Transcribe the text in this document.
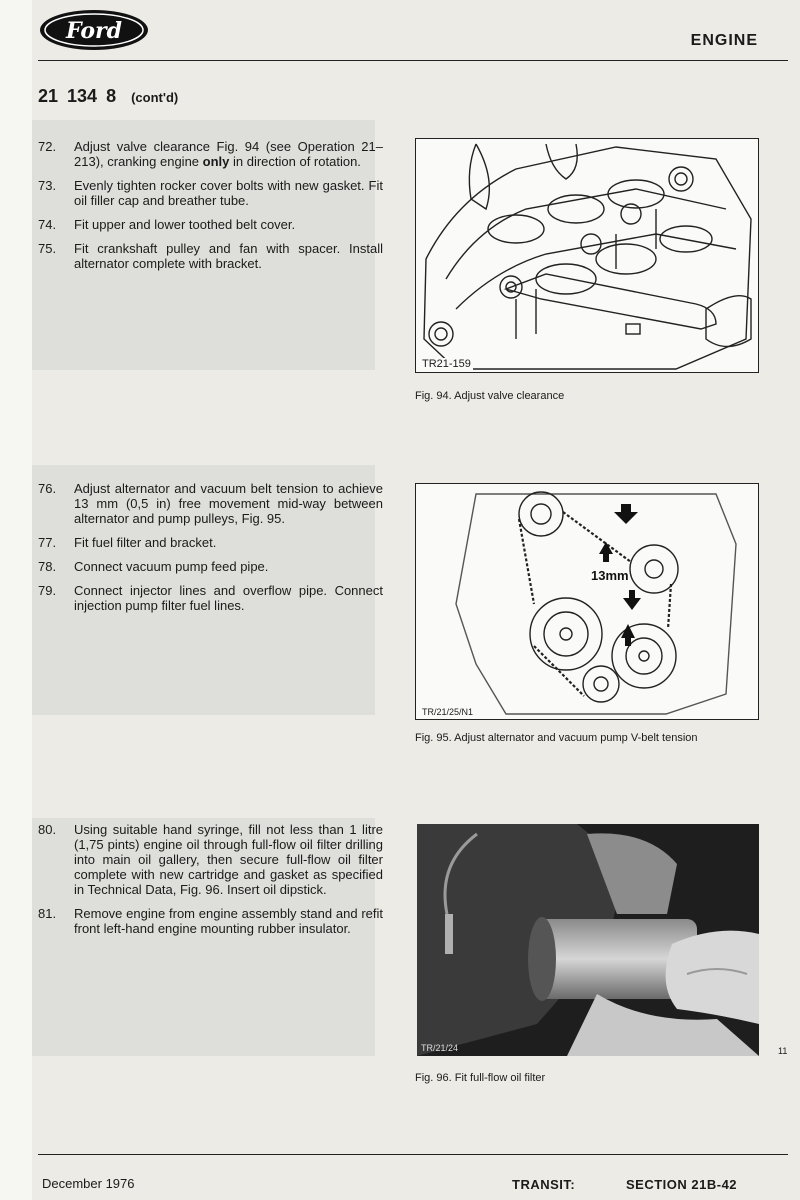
Ford	ENGINE
21 134 8 (cont'd)
72.	Adjust valve clearance Fig. 94 (see Operation 21–213), cranking engine only in direction of rotation.
73.	Evenly tighten rocker cover bolts with new gasket. Fit oil filler cap and breather tube.
74.	Fit upper and lower toothed belt cover.
75.	Fit crankshaft pulley and fan with spacer. Install alternator complete with bracket.
TR21-159
Fig. 94. Adjust valve clearance
76.	Adjust alternator and vacuum belt tension to achieve 13 mm (0,5 in) free movement mid-way between alternator and pump pulleys, Fig. 95.
77.	Fit fuel filter and bracket.
78.	Connect vacuum pump feed pipe.
79.	Connect injector lines and overflow pipe. Connect injection pump filter fuel lines.
13mm
TR/21/25/N1
Fig. 95. Adjust alternator and vacuum pump V-belt tension
80.	Using suitable hand syringe, fill not less than 1 litre (1,75 pints) engine oil through full-flow oil filter drilling into main oil gallery, then secure full-flow oil filter complete with new cartridge and gasket as specified in Technical Data, Fig. 96. Insert oil dipstick.
81.	Remove engine from engine assembly stand and refit front left-hand engine mounting rubber insulator.
TR/21/24	11
Fig. 96. Fit full-flow oil filter
December 1976	TRANSIT:	SECTION 21B-42
